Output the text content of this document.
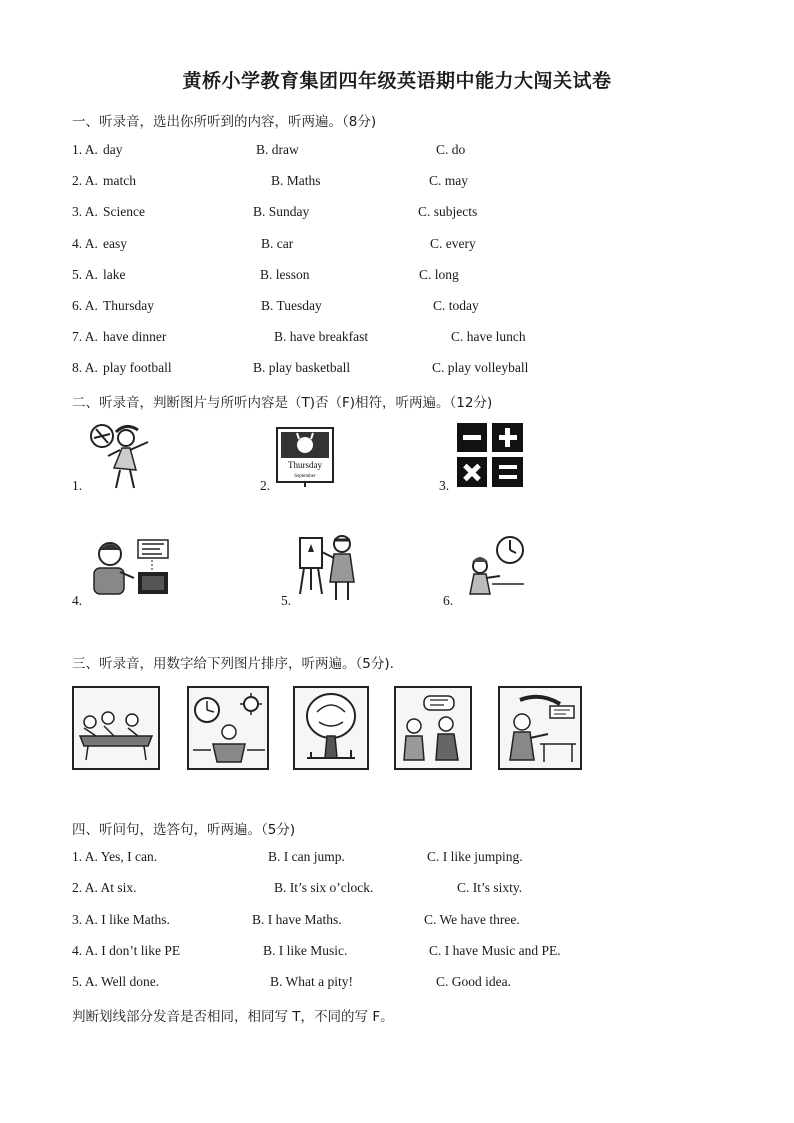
黄桥小学教育集团四年级英语期中能力大闯关试卷
一、听录音，选出你所听到的内容，听两遍。（8分)
1. A. day	B. draw	C. do
2. A. match	B. Maths	C. may
3. A. Science	B. Sunday	C. subjects
4. A. easy	B. car	C. every
5. A. lake	B. lesson	C. long
6. A. Thursday	B. Tuesday	C. today
7. A. have dinner	B. have breakfast	C. have lunch
8. A. play football	B. play basketball	C. play volleyball
二、听录音，判断图片与所听内容是（T)否（F)相符，听两遍。（12分)
1.	2.
Thursday
September
3.
4.	5.	6.
三、听录音，用数字给下列图片排序，听两遍。（5分).
四、听问句，选答句，听两遍。（5分)
1. A. Yes, I can.	B. I can jump.	C. I like jumping.
2. A. At six.	B. It’s six o’clock.	C. It’s sixty.
3. A. I like Maths.	B. I have Maths.	C. We have three.
4. A. I don’t like PE	B. I like Music.	C. I have Music and PE.
5. A. Well done.	B. What a pity!	C. Good idea.
判断划线部分发音是否相同，相同写 T，不同的写 F。
